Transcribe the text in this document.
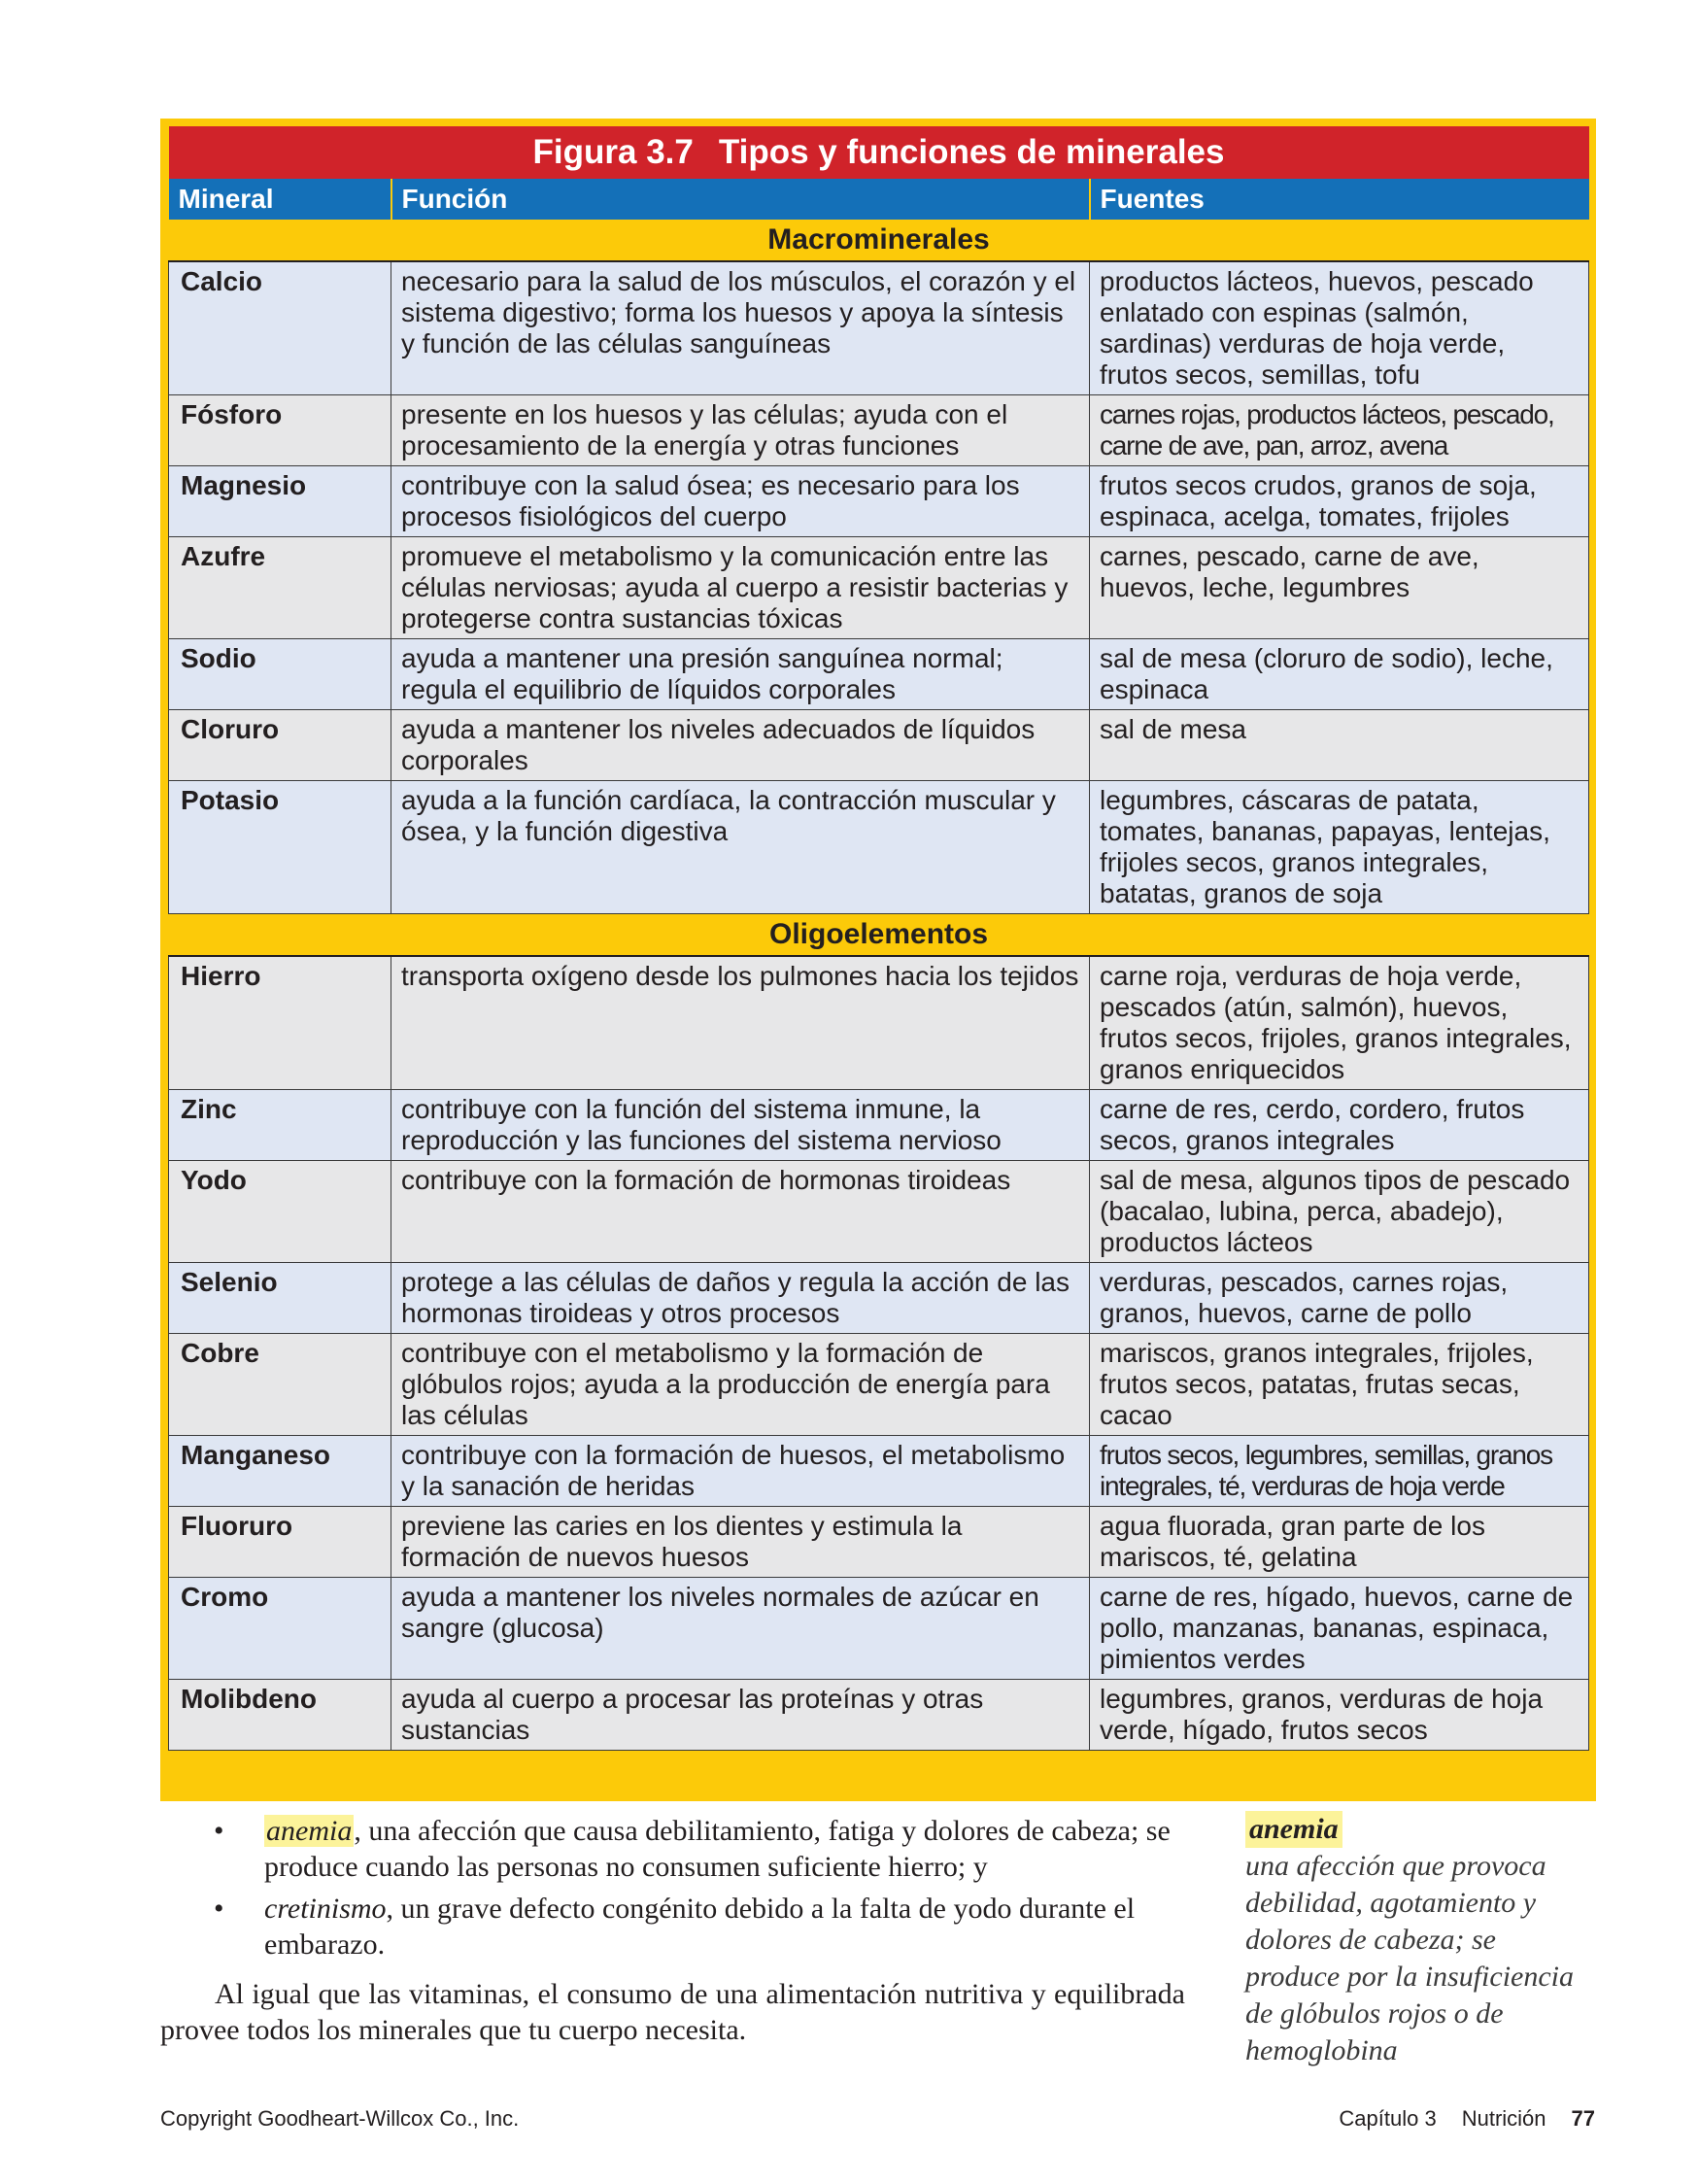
Figura 3.7 Tipos y funciones de minerales		
Mineral	Función	Fuentes
Macrominerales		
Calcio	necesario para la salud de los músculos, el corazón y el sistema digestivo; forma los huesos y apoya la síntesis y función de las células sanguíneas	productos lácteos, huevos, pescado enlatado con espinas (salmón, sardinas) verduras de hoja verde, frutos secos, semillas, tofu
Fósforo	presente en los huesos y las células; ayuda con el procesamiento de la energía y otras funciones	carnes rojas, productos lácteos, pescado, carne de ave, pan, arroz, avena
Magnesio	contribuye con la salud ósea; es necesario para los procesos fisiológicos del cuerpo	frutos secos crudos, granos de soja, espinaca, acelga, tomates, frijoles
Azufre	promueve el metabolismo y la comunicación entre las células nerviosas; ayuda al cuerpo a resistir bacterias y protegerse contra sustancias tóxicas	carnes, pescado, carne de ave, huevos, leche, legumbres
Sodio	ayuda a mantener una presión sanguínea normal; regula el equilibrio de líquidos corporales	sal de mesa (cloruro de sodio), leche, espinaca
Cloruro	ayuda a mantener los niveles adecuados de líquidos corporales	sal de mesa
Potasio	ayuda a la función cardíaca, la contracción muscular y ósea, y la función digestiva	legumbres, cáscaras de patata, tomates, bananas, papayas, lentejas, frijoles secos, granos integrales, batatas, granos de soja
Oligoelementos		
Hierro	transporta oxígeno desde los pulmones hacia los tejidos	carne roja, verduras de hoja verde, pescados (atún, salmón), huevos, frutos secos, frijoles, granos integrales, granos enriquecidos
Zinc	contribuye con la función del sistema inmune, la reproducción y las funciones del sistema nervioso	carne de res, cerdo, cordero, frutos secos, granos integrales
Yodo	contribuye con la formación de hormonas tiroideas	sal de mesa, algunos tipos de pescado (bacalao, lubina, perca, abadejo), productos lácteos
Selenio	protege a las células de daños y regula la acción de las hormonas tiroideas y otros procesos	verduras, pescados, carnes rojas, granos, huevos, carne de pollo
Cobre	contribuye con el metabolismo y la formación de glóbulos rojos; ayuda a la producción de energía para las células	mariscos, granos integrales, frijoles, frutos secos, patatas, frutas secas, cacao
Manganeso	contribuye con la formación de huesos, el metabolismo y la sanación de heridas	frutos secos, legumbres, semillas, granos integrales, té, verduras de hoja verde
Fluoruro	previene las caries en los dientes y estimula la formación de nuevos huesos	agua fluorada, gran parte de los mariscos, té, gelatina
Cromo	ayuda a mantener los niveles normales de azúcar en sangre (glucosa)	carne de res, hígado, huevos, carne de pollo, manzanas, bananas, espinaca, pimientos verdes
Molibdeno	ayuda al cuerpo a procesar las proteínas y otras sustancias	legumbres, granos, verduras de hoja verde, hígado, frutos secos
• anemia, una afección que causa debilitamiento, fatiga y dolores de cabeza; se produce cuando las personas no consumen suficiente hierro; y
• cretinismo, un grave defecto congénito debido a la falta de yodo durante el embarazo.
Al igual que las vitaminas, el consumo de una alimentación nutritiva y equilibrada provee todos los minerales que tu cuerpo necesita.
anemia
una afección que provoca debilidad, agotamiento y dolores de cabeza; se produce por la insuficiencia de glóbulos rojos o de hemoglobina
Copyright Goodheart-Willcox Co., Inc.	Capítulo 3 Nutrición 77
